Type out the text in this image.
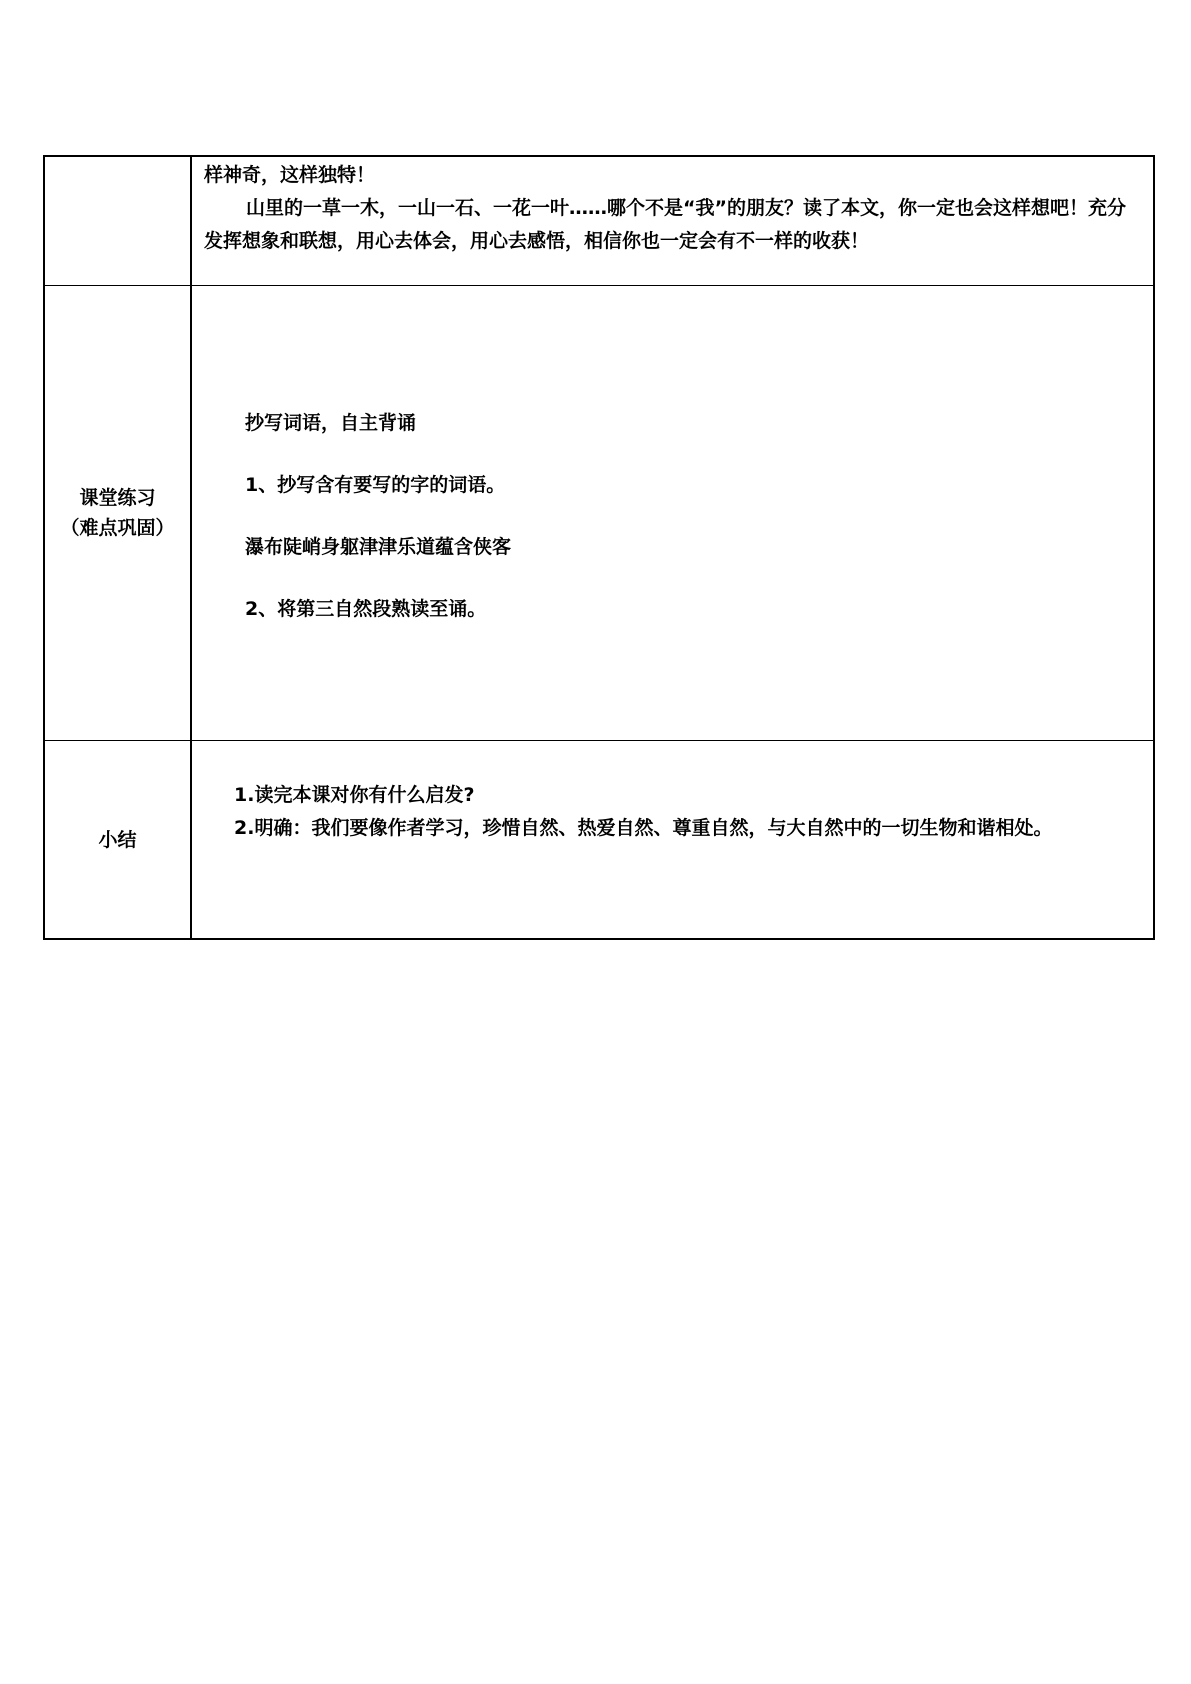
样神奇，这样独特！

山里的一草一木，一山一石、一花一叶……哪个不是“我”的朋友？读了本文，你一定也会这样想吧！充分发挥想象和联想，用心去体会，用心去感悟，相信你也一定会有不一样的收获！

课堂练习
（难点巩固）

抄写词语，自主背诵

1、抄写含有要写的字的词语。

瀑布陡峭身躯津津乐道蕴含侠客

2、将第三自然段熟读至诵。

小结

1.读完本课对你有什么启发?

2.明确：我们要像作者学习，珍惜自然、热爱自然、尊重自然，与大自然中的一切生物和谐相处。
